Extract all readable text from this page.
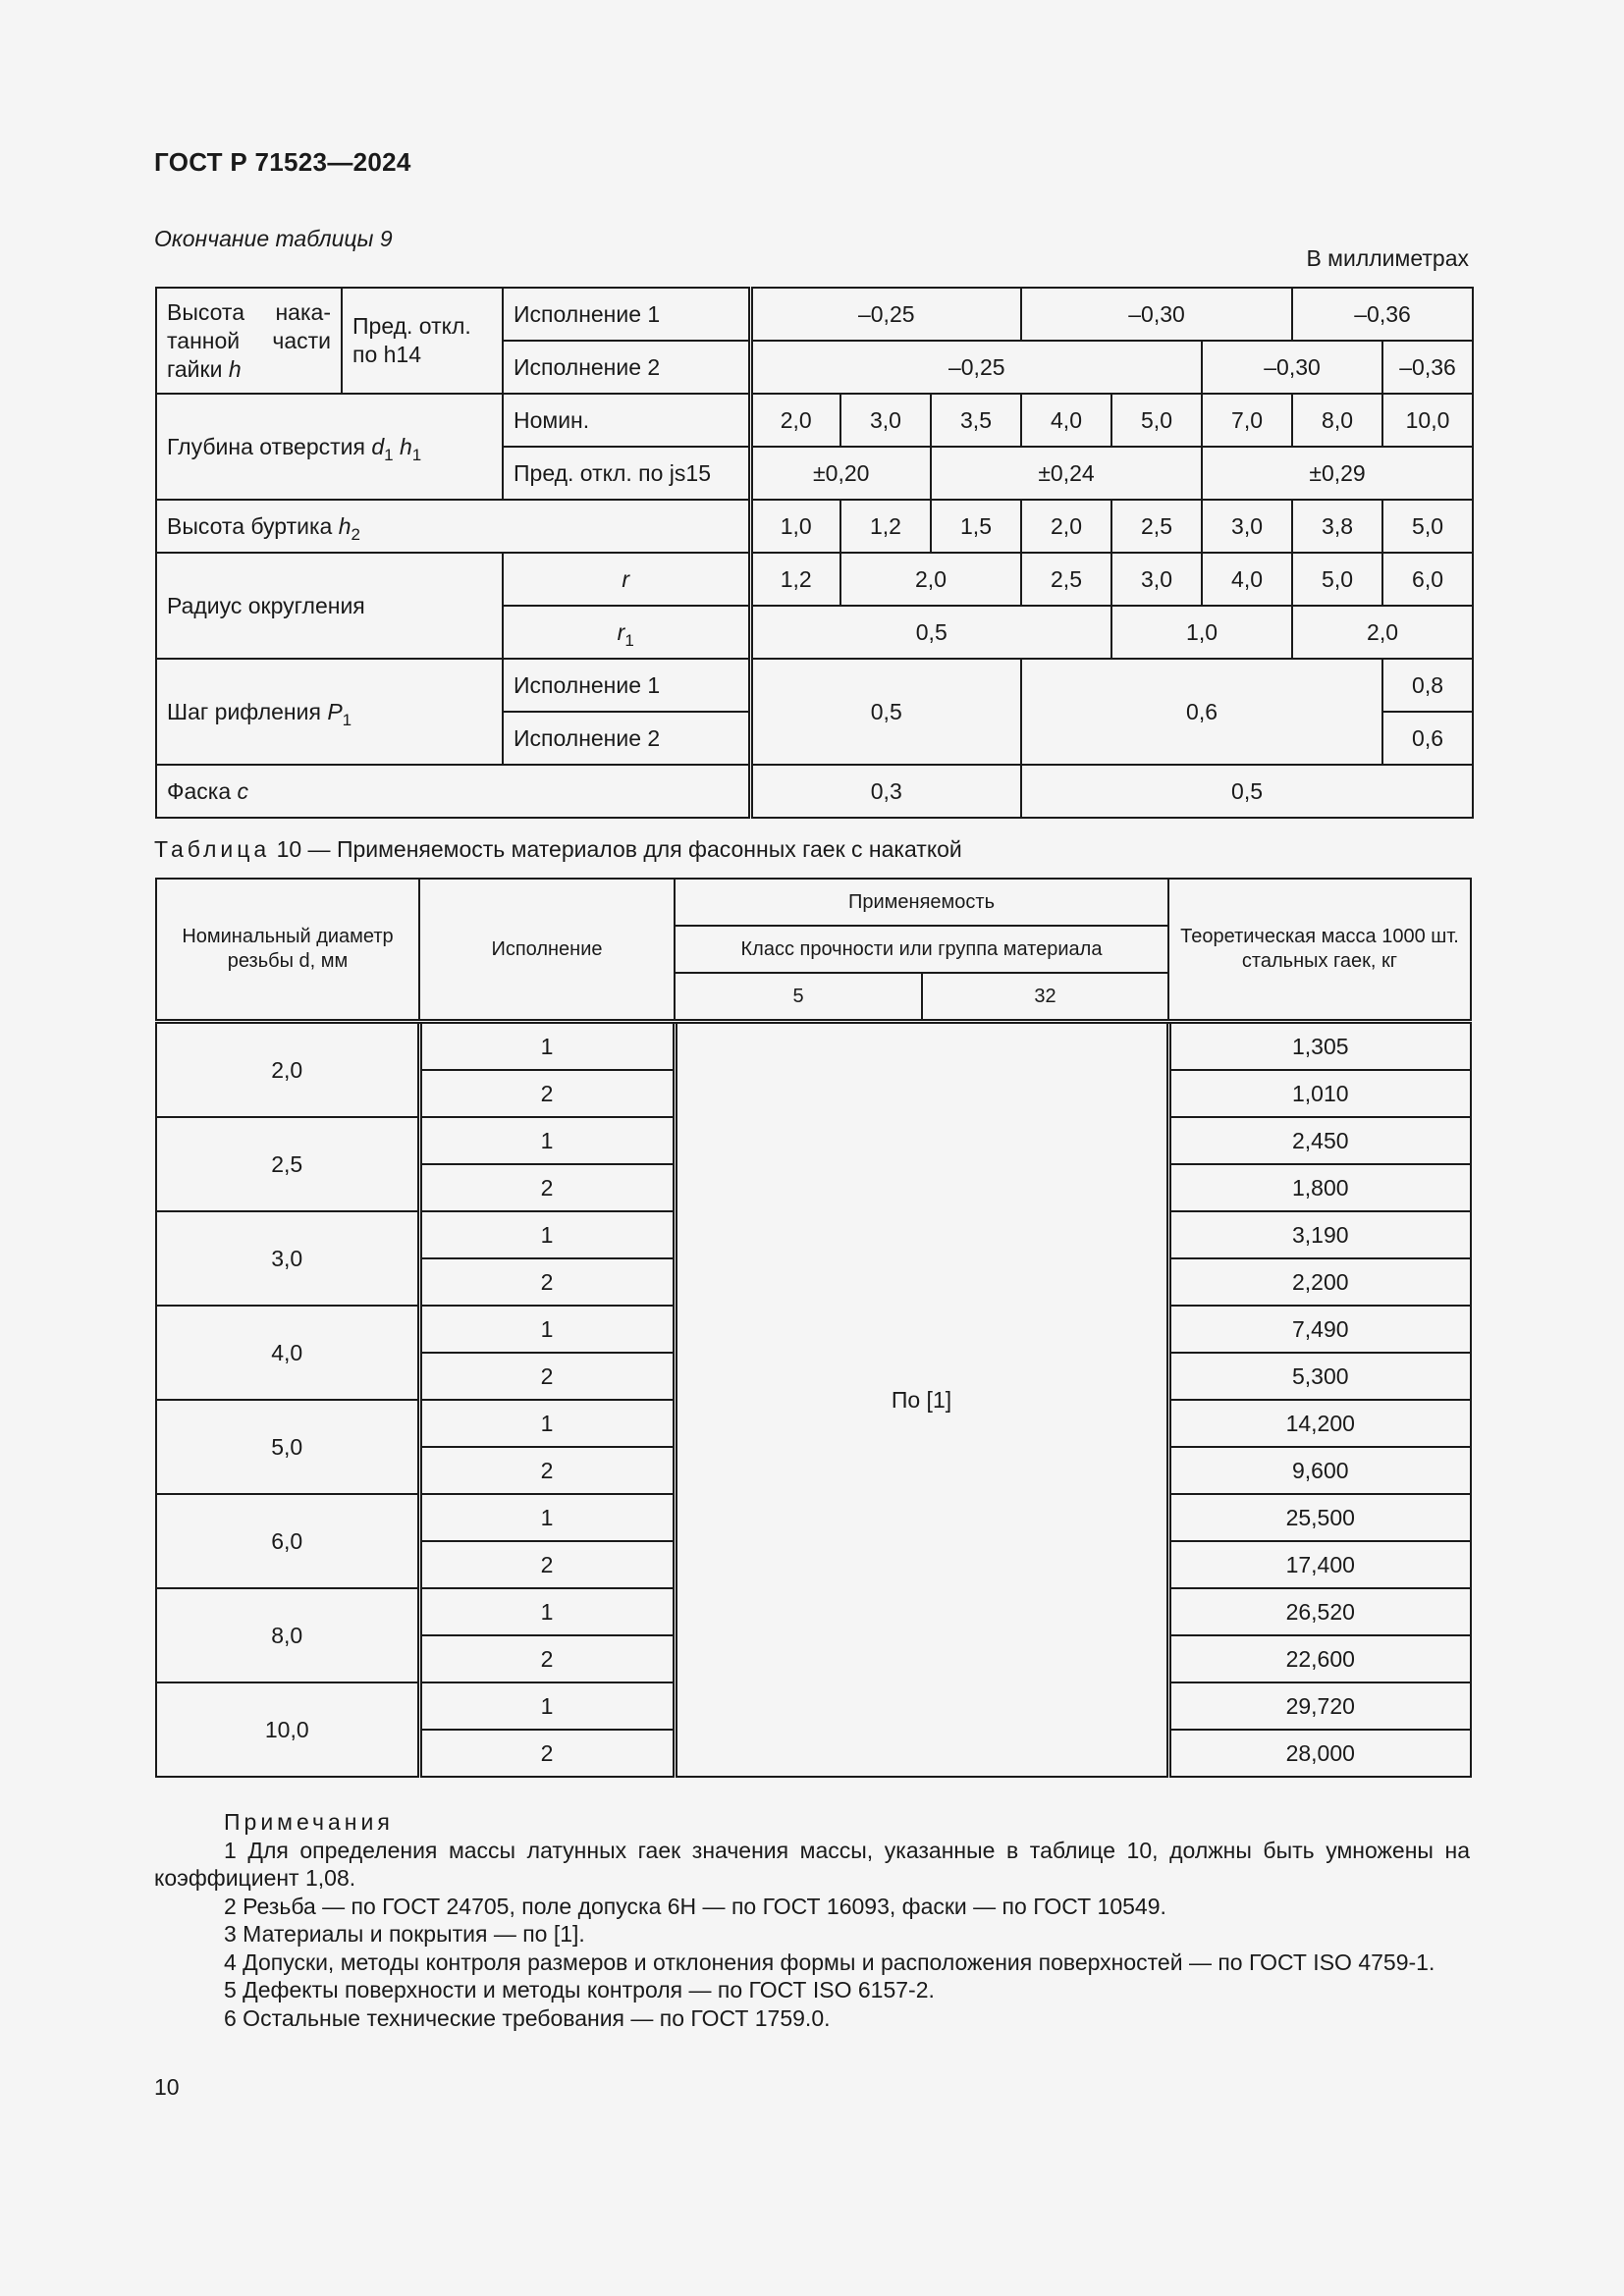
ГОСТ Р 71523—2024
Окончание таблицы 9
В миллиметрах
Высота нака-танной части гайки h	Пред. откл. по h14	Исполнение 1	–0,25			–0,30			–0,36	
		Исполнение 2	–0,25					–0,30		–0,36
Глубина отверстия $d_1$ $h_1$		Номин.	2,0	3,0	3,5	4,0	5,0	7,0	8,0	10,0
		Пред. откл. по js15	±0,20		±0,24			±0,29		
Высота буртика $h_2$			1,0	1,2	1,5	2,0	2,5	3,0	3,8	5,0
Радиус округления		r	1,2	2,0		2,5	3,0	4,0	5,0	6,0
		$r_1$	0,5				1,0		2,0	
Шаг рифления $P_1$		Исполнение 1	0,5			0,6				0,8
		Исполнение 2								0,6
Фаска c			0,3			0,5				
Таблица 10 — Применяемость материалов для фасонных гаек с накаткой
Номинальный диаметр резьбы d, мм	Исполнение	Применяемость		Теоретическая масса 1000 шт. стальных гаек, кг
		Класс прочности или группа материала		
		5	32	
2,0	1	По [1]		1,305
	2			1,010
2,5	1			2,450
	2			1,800
3,0	1			3,190
	2			2,200
4,0	1			7,490
	2			5,300
5,0	1			14,200
	2			9,600
6,0	1			25,500
	2			17,400
8,0	1			26,520
	2			22,600
10,0	1			29,720
	2			28,000
Примечания
1 Для определения массы латунных гаек значения массы, указанные в таблице 10, должны быть умножены на коэффициент 1,08.
2 Резьба — по ГОСТ 24705, поле допуска 6Н — по ГОСТ 16093, фаски — по ГОСТ 10549.
3 Материалы и покрытия — по [1].
4 Допуски, методы контроля размеров и отклонения формы и расположения поверхностей — по ГОСТ ISO 4759-1.
5 Дефекты поверхности и методы контроля — по ГОСТ ISO 6157-2.
6 Остальные технические требования — по ГОСТ 1759.0.
10
